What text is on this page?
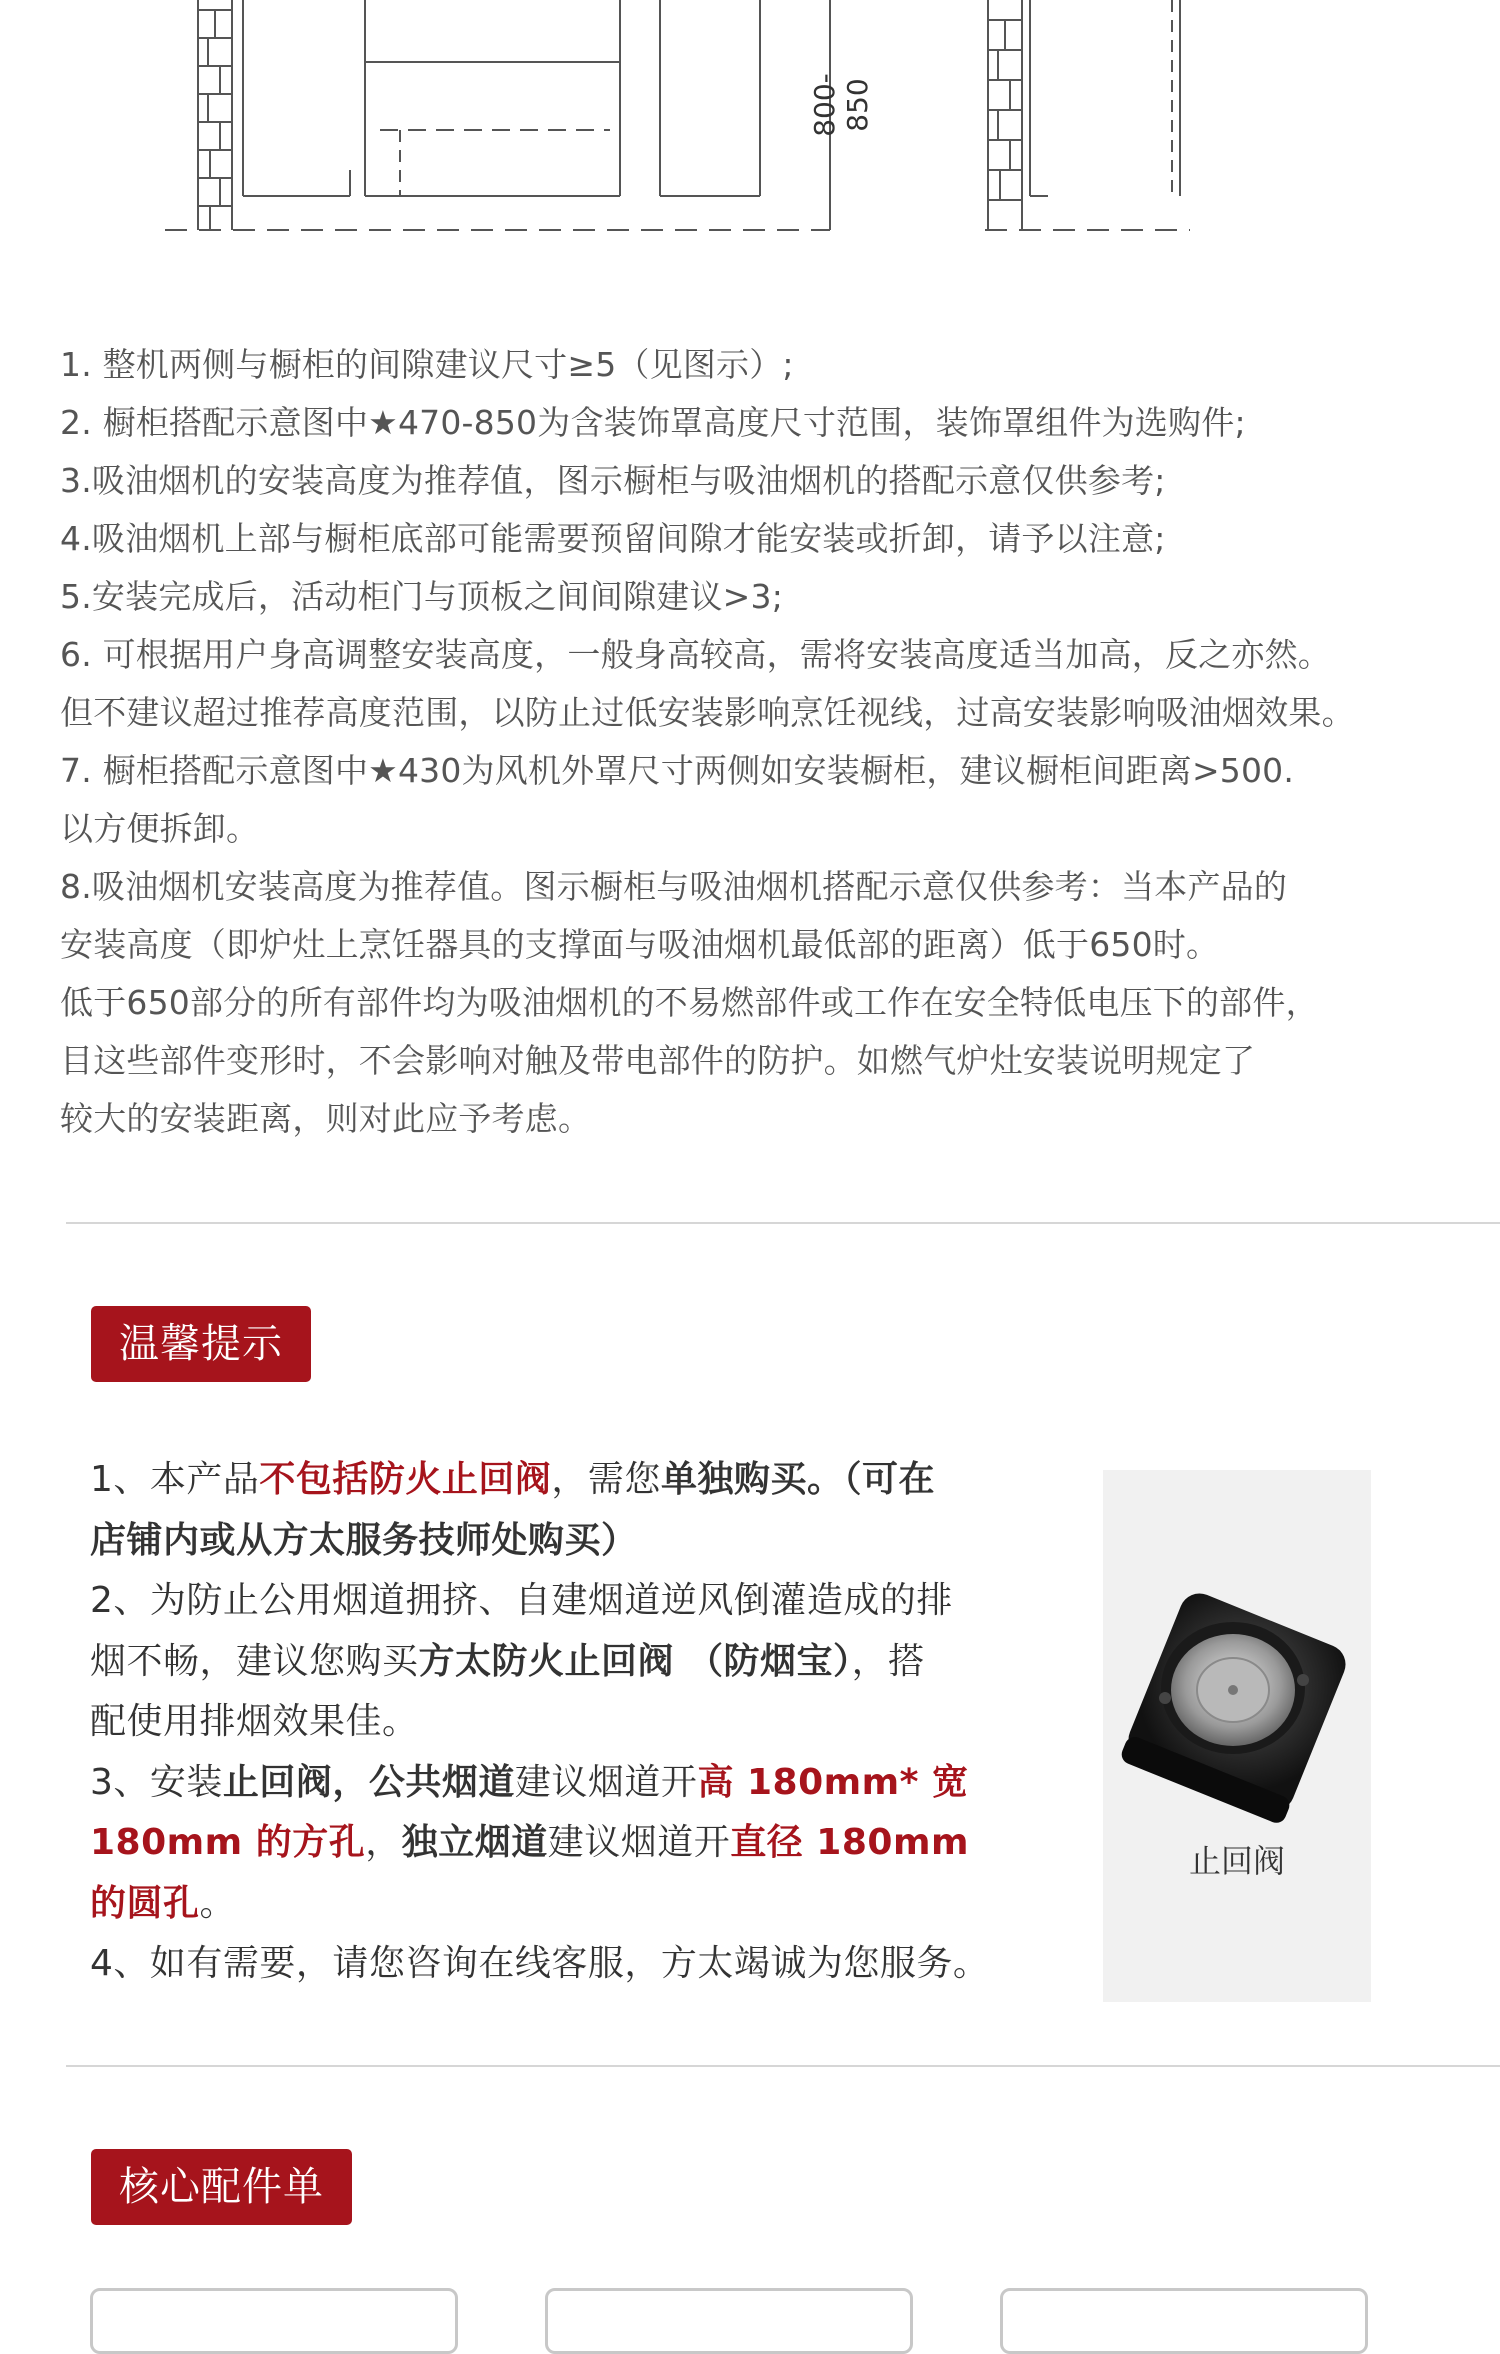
800-850
1. 整机两侧与橱柜的间隙建议尺寸≥5（见图示）;
2. 橱柜搭配示意图中★470-850为含装饰罩高度尺寸范围，装饰罩组件为选购件;
3.吸油烟机的安装高度为推荐值，图示橱柜与吸油烟机的搭配示意仅供参考;
4.吸油烟机上部与橱柜底部可能需要预留间隙才能安装或折卸，请予以注意;
5.安装完成后，活动柜门与顶板之间间隙建议>3;
6. 可根据用户身高调整安装高度，一般身高较高，需将安装高度适当加高，反之亦然。
但不建议超过推荐高度范围，以防止过低安装影响烹饪视线，过高安装影响吸油烟效果。
7. 橱柜搭配示意图中★430为风机外罩尺寸两侧如安装橱柜，建议橱柜间距离>500.
以方便拆卸。
8.吸油烟机安装高度为推荐值。图示橱柜与吸油烟机搭配示意仅供参考：当本产品的
安装高度（即炉灶上烹饪器具的支撑面与吸油烟机最低部的距离）低于650时。
低于650部分的所有部件均为吸油烟机的不易燃部件或工作在安全特低电压下的部件，
目这些部件变形时，不会影响对触及带电部件的防护。如燃气炉灶安装说明规定了
较大的安装距离，则对此应予考虑。
温馨提示
1、本产品不包括防火止回阀，需您单独购买。（可在
店铺内或从方太服务技师处购买）
2、为防止公用烟道拥挤、自建烟道逆风倒灌造成的排
烟不畅，建议您购买方太防火止回阀 （防烟宝），搭
配使用排烟效果佳。
3、安装止回阀，公共烟道建议烟道开高 180mm* 宽
180mm 的方孔，独立烟道建议烟道开直径 180mm
的圆孔。
4、如有需要，请您咨询在线客服，方太竭诚为您服务。
止回阀
核心配件单
